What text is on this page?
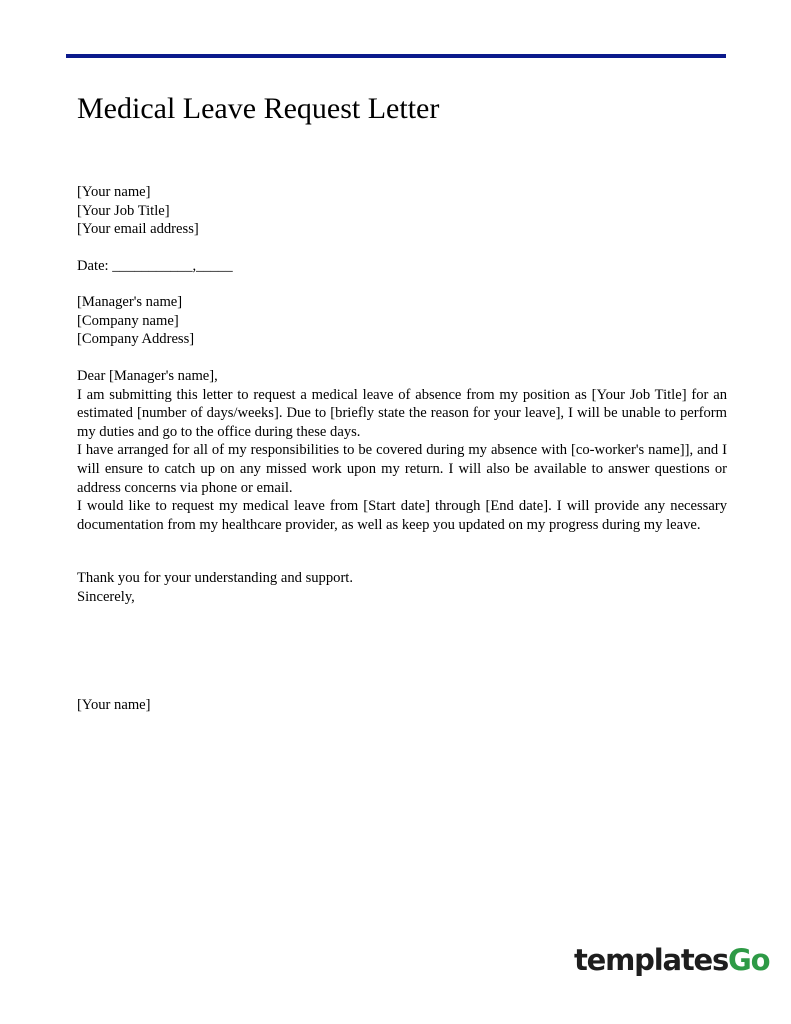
Medical Leave Request Letter
[Your name]
[Your Job Title]
[Your email address]
Date: ___________,_____
[Manager's name]
[Company name]
[Company Address]
Dear [Manager's name],
I am submitting this letter to request a medical leave of absence from my position as [Your Job Title] for an estimated [number of days/weeks]. Due to [briefly state the reason for your leave], I will be unable to perform my duties and go to the office during these days.
I have arranged for all of my responsibilities to be covered during my absence with [co-worker's name]], and I will ensure to catch up on any missed work upon my return. I will also be available to answer questions or address concerns via phone or email.
I would like to request my medical leave from [Start date] through [End date]. I will provide any necessary documentation from my healthcare provider, as well as keep you updated on my progress during my leave.
Thank you for your understanding and support.
Sincerely,
[Your name]
templatesGo
